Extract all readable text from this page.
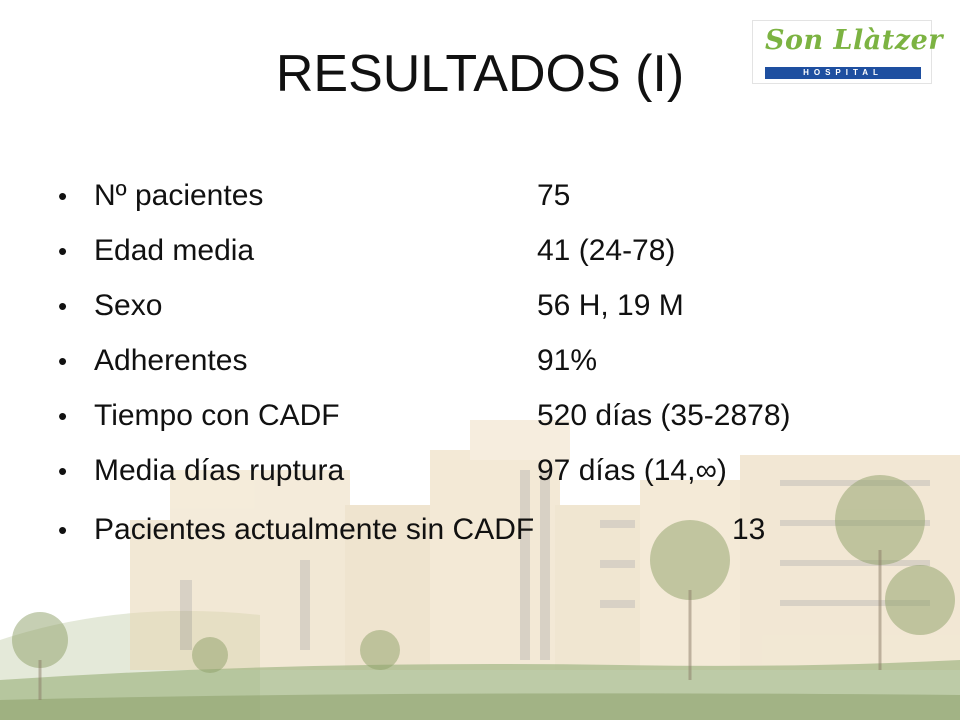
RESULTADOS (I)
Son Llàtzer
HOSPITAL
• Nº pacientes	75
• Edad media	41 (24-78)
• Sexo	56 H, 19 M
• Adherentes	91%
• Tiempo con CADF	520 días (35-2878)
• Media días ruptura	97 días (14,∞)
• Pacientes actualmente sin CADF	13
